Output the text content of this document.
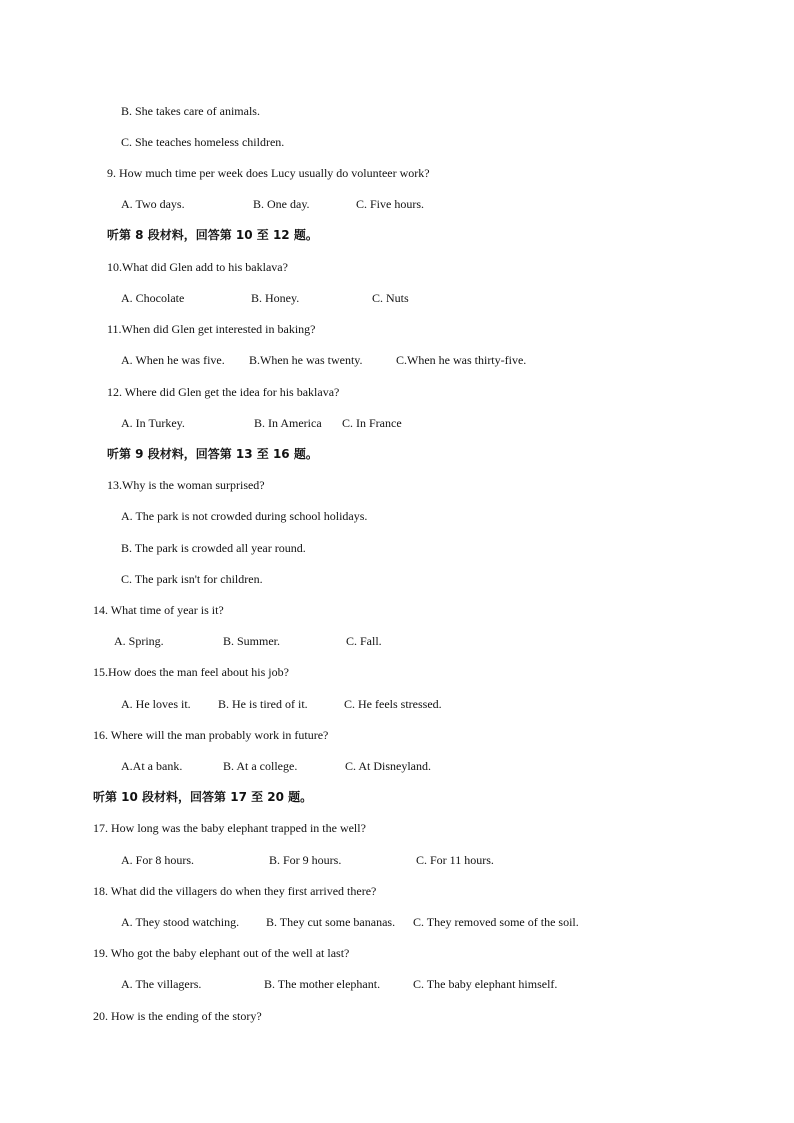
B. She takes care of animals.
C. She teaches homeless children.
9. How much time per week does Lucy usually do volunteer work?
A. Two days.	B. One day.	C. Five hours.
听第 8 段材料，回答第 10 至 12 题。
10.What did Glen add to his baklava?
A. Chocolate	B. Honey.	C. Nuts
11.When did Glen get interested in baking?
A. When he was five. B.When he was twenty.	C.When he was thirty-five.
12. Where did Glen get the idea for his baklava?
A. In Turkey.	B. In America C. In France
听第 9 段材料，回答第 13 至 16 题。
13.Why is the woman surprised?
A. The park is not crowded during school holidays.
B. The park is crowded all year round.
C. The park isn't for children.
14. What time of year is it?
A. Spring.	B. Summer.	C. Fall.
15.How does the man feel about his job?
A. He loves it. B. He is tired of it.	C. He feels stressed.
16. Where will the man probably work in future?
A.At a bank.	B. At a college.	C. At Disneyland.
听第 10 段材料，回答第 17 至 20 题。
17. How long was the baby elephant trapped in the well?
A. For 8 hours.	B. For 9 hours.	C. For 11 hours.
18. What did the villagers do when they first arrived there?
A. They stood watching. B. They cut some bananas. C. They removed some of the soil.
19. Who got the baby elephant out of the well at last?
A. The villagers.	B. The mother elephant.	C. The baby elephant himself.
20. How is the ending of the story?
